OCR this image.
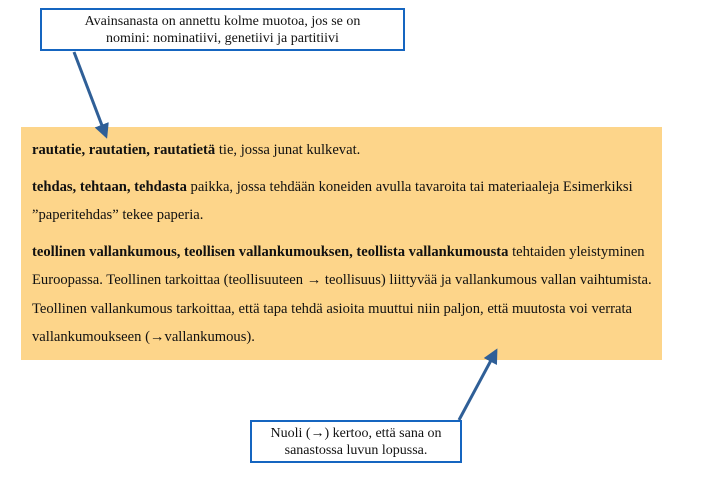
Avainsanasta on annettu kolme muotoa, jos se on
nomini: nominatiivi, genetiivi ja partitiivi

rautatie, rautatien, rautatietä tie, jossa junat kulkevat.

tehdas, tehtaan, tehdasta paikka, jossa tehdään koneiden avulla tavaroita tai materiaaleja Esimerkiksi ”paperitehdas” tekee paperia.

teollinen vallankumous, teollisen vallankumouksen, teollista vallankumousta tehtaiden yleistyminen Euroopassa. Teollinen tarkoittaa (teollisuuteen → teollisuus) liittyvää ja vallankumous vallan vaihtumista. Teollinen vallankumous tarkoittaa, että tapa tehdä asioita muuttui niin paljon, että muutosta voi verrata vallankumoukseen (→vallankumous).

Nuoli (→) kertoo, että sana on
sanastossa luvun lopussa.
